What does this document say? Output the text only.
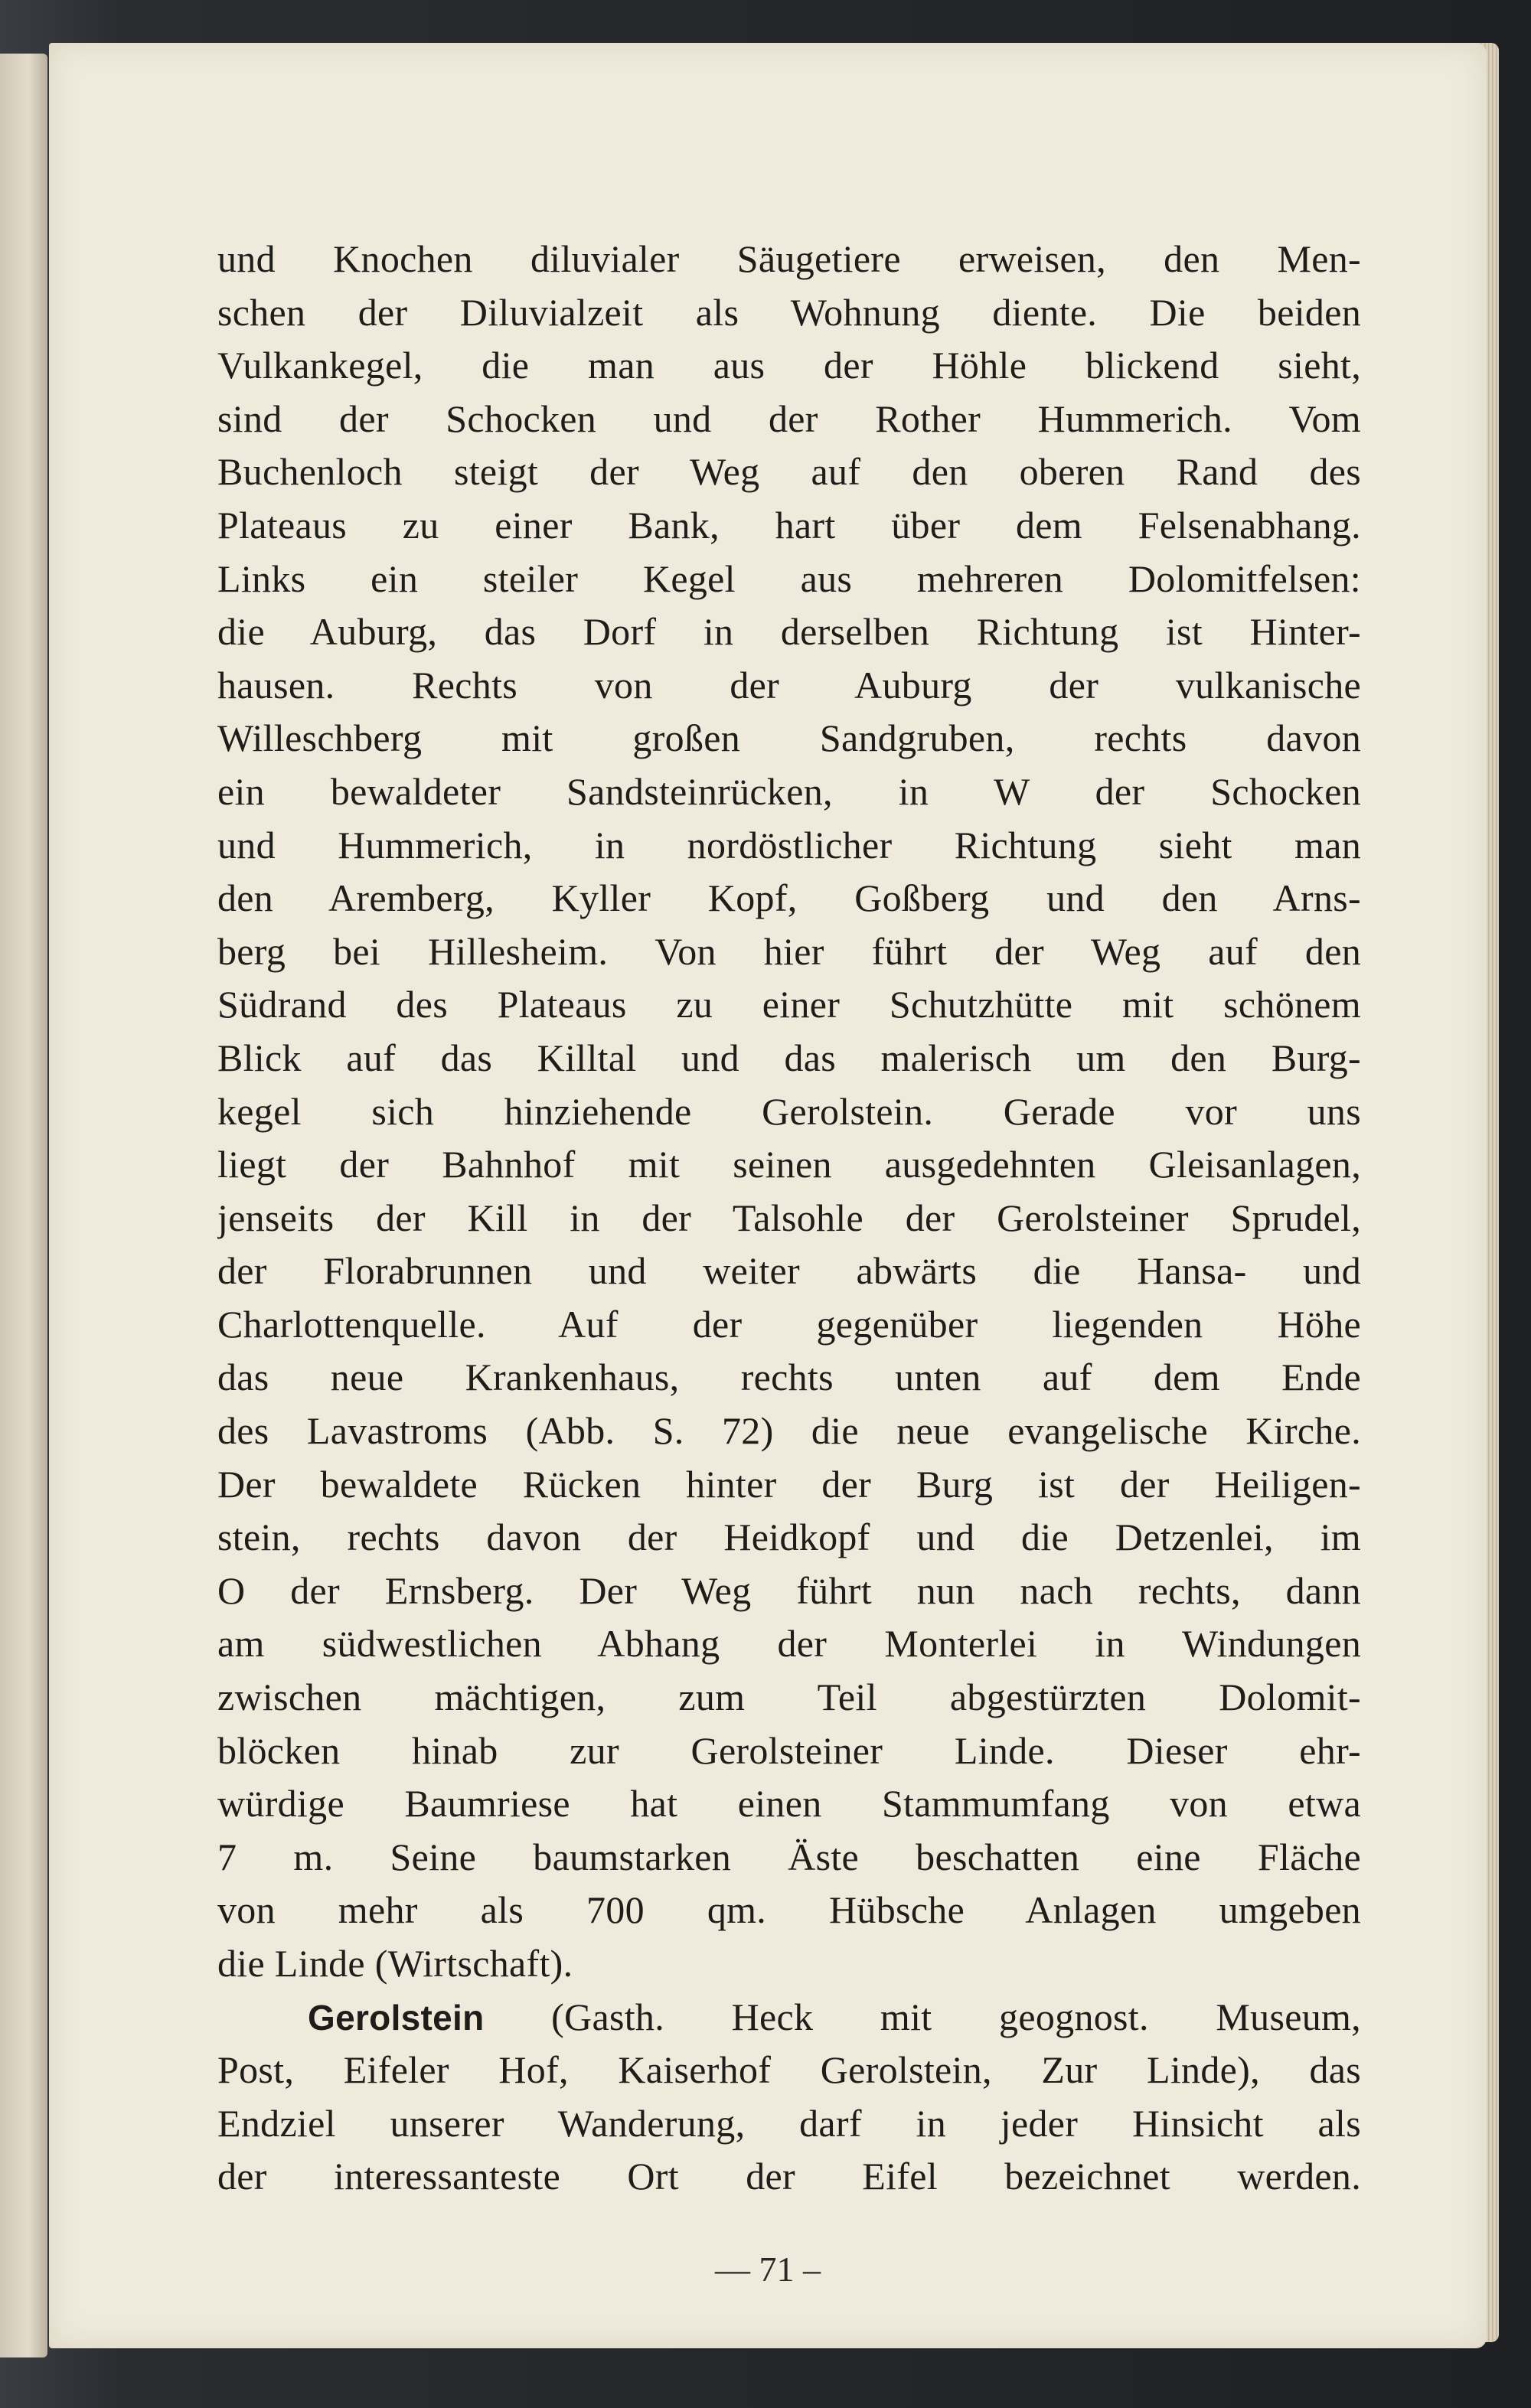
und Knochen diluvialer Säugetiere erweisen, den Men-
schen der Diluvialzeit als Wohnung diente. Die beiden
Vulkankegel, die man aus der Höhle blickend sieht,
sind der Schocken und der Rother Hummerich. Vom
Buchenloch steigt der Weg auf den oberen Rand des
Plateaus zu einer Bank, hart über dem Felsenabhang.
Links ein steiler Kegel aus mehreren Dolomitfelsen:
die Auburg, das Dorf in derselben Richtung ist Hinter-
hausen. Rechts von der Auburg der vulkanische
Willeschberg mit großen Sandgruben, rechts davon
ein bewaldeter Sandsteinrücken, in W der Schocken
und Hummerich, in nordöstlicher Richtung sieht man
den Aremberg, Kyller Kopf, Goßberg und den Arns-
berg bei Hillesheim. Von hier führt der Weg auf den
Südrand des Plateaus zu einer Schutzhütte mit schönem
Blick auf das Killtal und das malerisch um den Burg-
kegel sich hinziehende Gerolstein. Gerade vor uns
liegt der Bahnhof mit seinen ausgedehnten Gleisanlagen,
jenseits der Kill in der Talsohle der Gerolsteiner Sprudel,
der Florabrunnen und weiter abwärts die Hansa- und
Charlottenquelle. Auf der gegenüber liegenden Höhe
das neue Krankenhaus, rechts unten auf dem Ende
des Lavastroms (Abb. S. 72) die neue evangelische Kirche.
Der bewaldete Rücken hinter der Burg ist der Heiligen-
stein, rechts davon der Heidkopf und die Detzenlei, im
O der Ernsberg. Der Weg führt nun nach rechts, dann
am südwestlichen Abhang der Monterlei in Windungen
zwischen mächtigen, zum Teil abgestürzten Dolomit-
blöcken hinab zur Gerolsteiner Linde. Dieser ehr-
würdige Baumriese hat einen Stammumfang von etwa
7 m. Seine baumstarken Äste beschatten eine Fläche
von mehr als 700 qm. Hübsche Anlagen umgeben
die Linde (Wirtschaft).
Gerolstein (Gasth. Heck mit geognost. Museum,
Post, Eifeler Hof, Kaiserhof Gerolstein, Zur Linde), das
Endziel unserer Wanderung, darf in jeder Hinsicht als
der interessanteste Ort der Eifel bezeichnet werden.
— 71 –
